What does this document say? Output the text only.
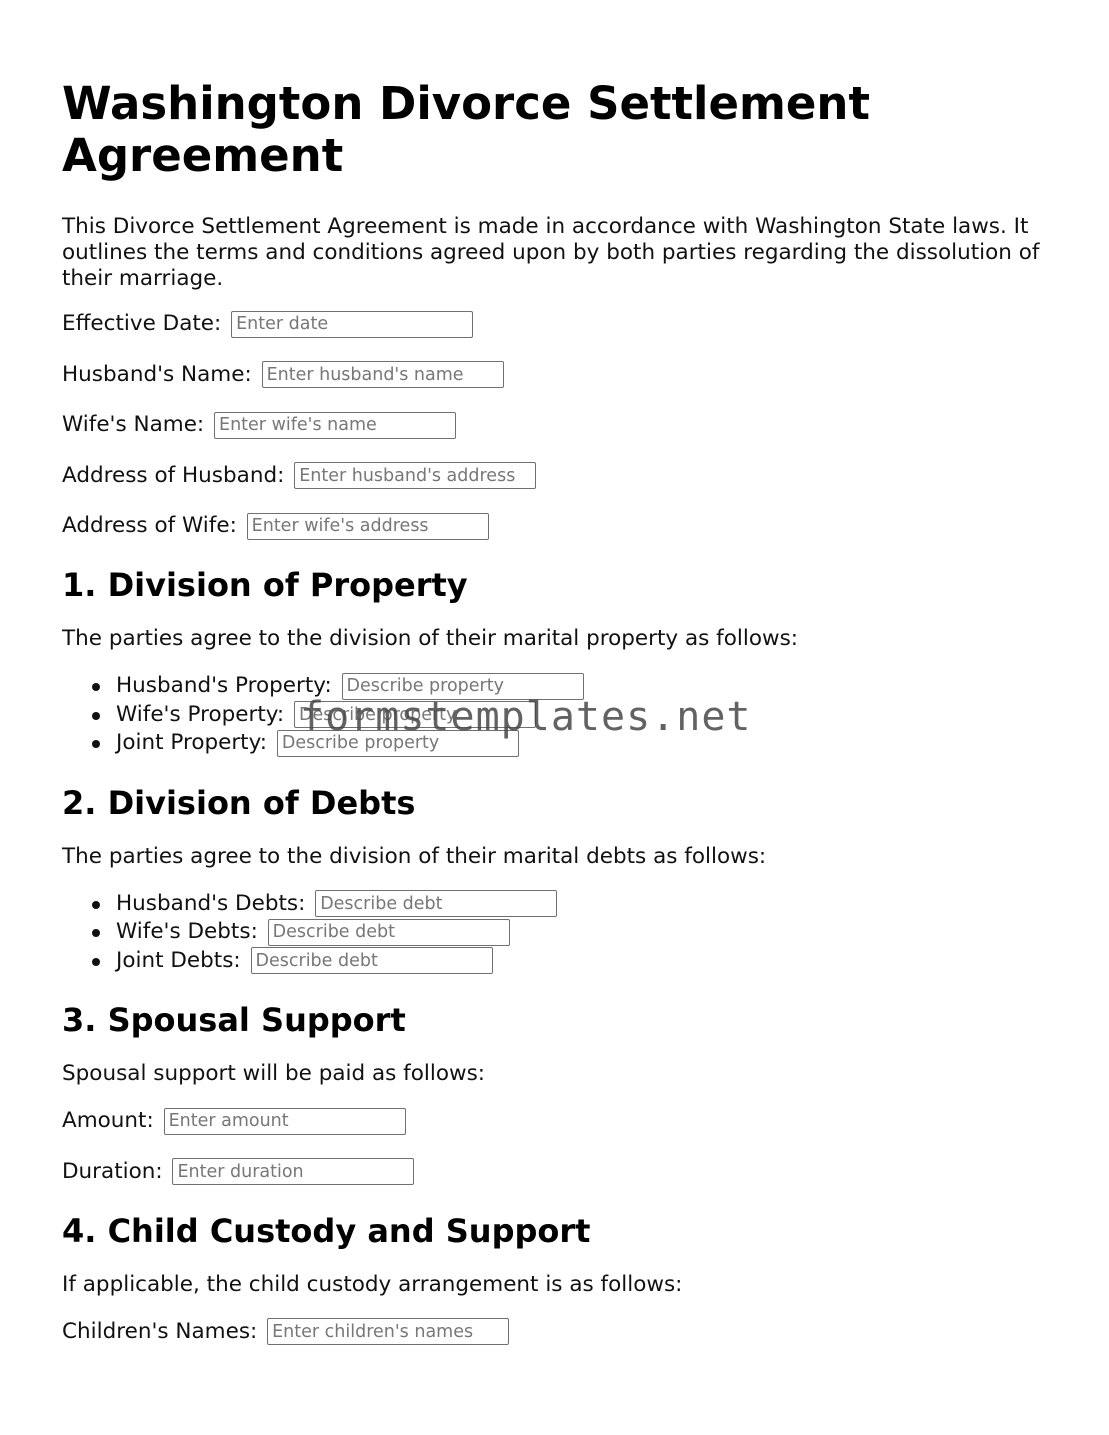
Washington Divorce Settlement Agreement

This Divorce Settlement Agreement is made in accordance with Washington State laws. It outlines the terms and conditions agreed upon by both parties regarding the dissolution of their marriage.

Effective Date: Enter date
Husband's Name: Enter husband's name
Wife's Name: Enter wife's name
Address of Husband: Enter husband's address
Address of Wife: Enter wife's address
1. Division of Property

The parties agree to the division of their marital property as follows:

Husband's Property: Describe property
Wife's Property: Describe property
Joint Property: Describe property
2. Division of Debts

The parties agree to the division of their marital debts as follows:

Husband's Debts: Describe debt
Wife's Debts: Describe debt
Joint Debts: Describe debt
3. Spousal Support

Spousal support will be paid as follows:

Amount: Enter amount
Duration: Enter duration
4. Child Custody and Support

If applicable, the child custody arrangement is as follows:

Children's Names: Enter children's names
formstemplates.net
